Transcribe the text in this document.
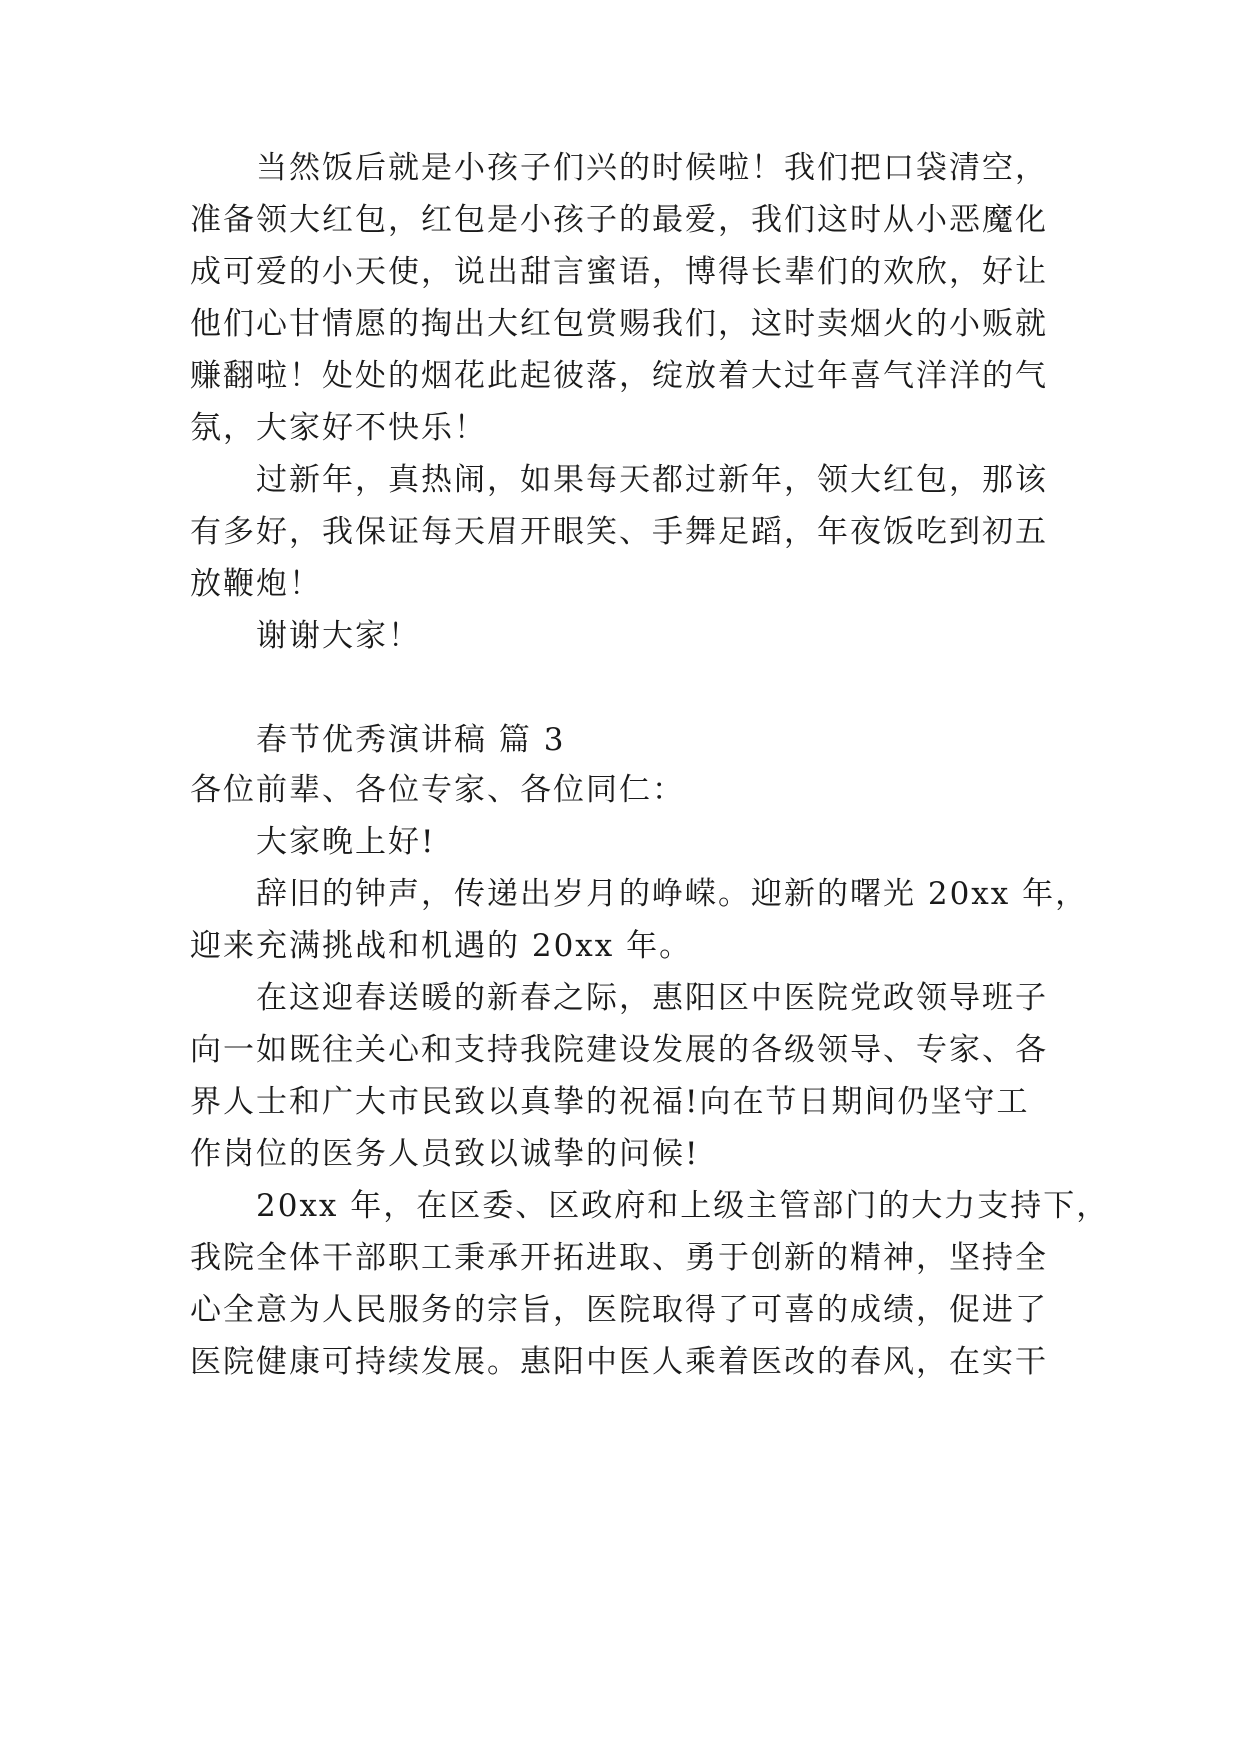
当然饭后就是小孩子们兴的时候啦！我们把口袋清空，
准备领大红包，红包是小孩子的最爱，我们这时从小恶魔化
成可爱的小天使，说出甜言蜜语，博得长辈们的欢欣，好让
他们心甘情愿的掏出大红包赏赐我们，这时卖烟火的小贩就
赚翻啦！处处的烟花此起彼落，绽放着大过年喜气洋洋的气
氛，大家好不快乐！
过新年，真热闹，如果每天都过新年，领大红包，那该
有多好，我保证每天眉开眼笑、手舞足蹈，年夜饭吃到初五
放鞭炮！
谢谢大家！
春节优秀演讲稿 篇 3
各位前辈、各位专家、各位同仁：
大家晚上好!
辞旧的钟声，传递出岁月的峥嵘。迎新的曙光 20xx 年，
迎来充满挑战和机遇的 20xx 年。
在这迎春送暖的新春之际，惠阳区中医院党政领导班子
向一如既往关心和支持我院建设发展的各级领导、专家、各
界人士和广大市民致以真挚的祝福!向在节日期间仍坚守工
作岗位的医务人员致以诚挚的问候!
20xx 年，在区委、区政府和上级主管部门的大力支持下，
我院全体干部职工秉承开拓进取、勇于创新的精神，坚持全
心全意为人民服务的宗旨，医院取得了可喜的成绩，促进了
医院健康可持续发展。惠阳中医人乘着医改的春风，在实干
